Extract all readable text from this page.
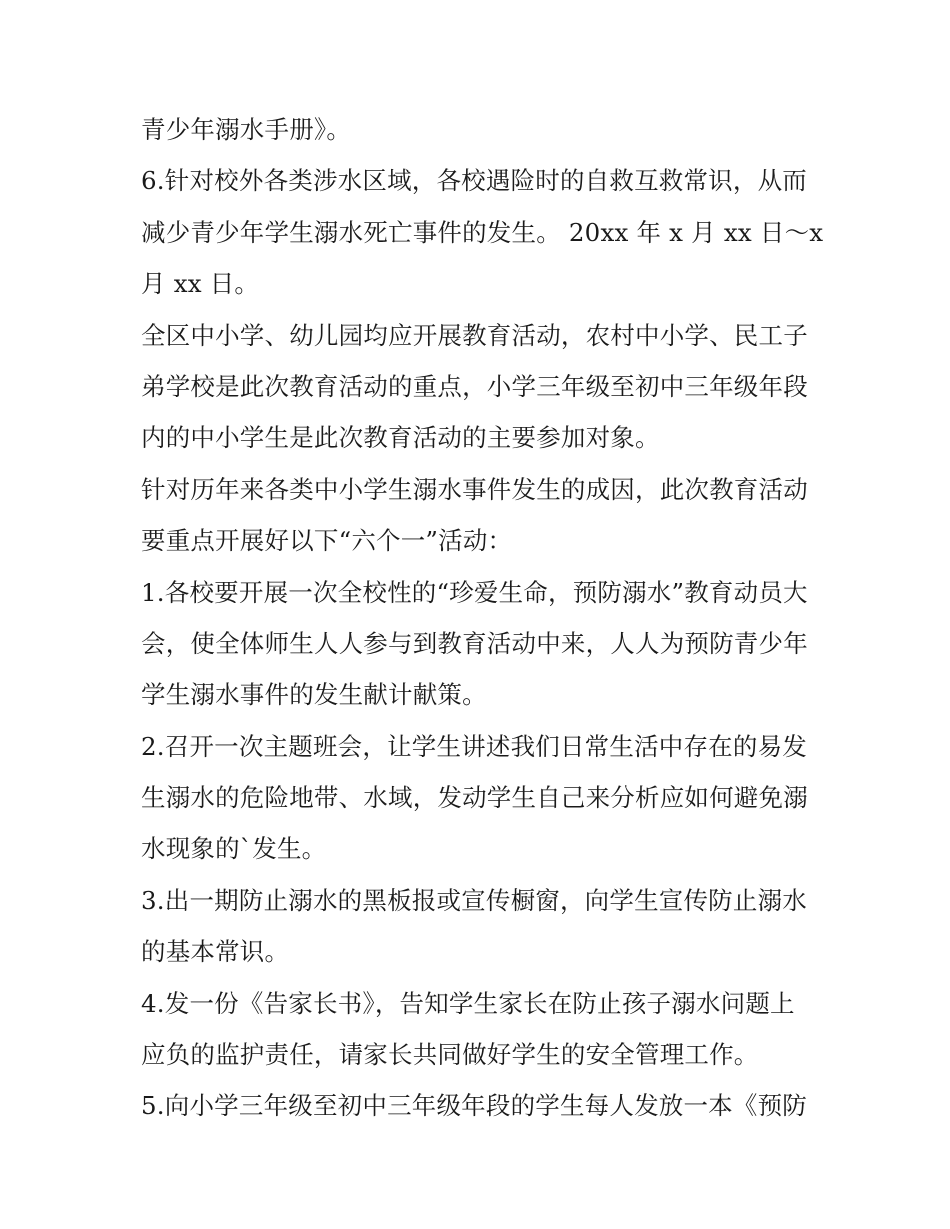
青少年溺水手册》。
6.针对校外各类涉水区域，各校遇险时的自救互救常识，从而
减少青少年学生溺水死亡事件的发生。 20xx 年 x 月 xx 日～x
月 xx 日。
全区中小学、幼儿园均应开展教育活动，农村中小学、民工子
弟学校是此次教育活动的重点，小学三年级至初中三年级年段
内的中小学生是此次教育活动的主要参加对象。
针对历年来各类中小学生溺水事件发生的成因，此次教育活动
要重点开展好以下“六个一”活动：
1.各校要开展一次全校性的“珍爱生命，预防溺水”教育动员大
会，使全体师生人人参与到教育活动中来，人人为预防青少年
学生溺水事件的发生献计献策。
2.召开一次主题班会，让学生讲述我们日常生活中存在的易发
生溺水的危险地带、水域，发动学生自己来分析应如何避免溺
水现象的`发生。
3.出一期防止溺水的黑板报或宣传橱窗，向学生宣传防止溺水
的基本常识。
4.发一份《告家长书》，告知学生家长在防止孩子溺水问题上
应负的监护责任，请家长共同做好学生的安全管理工作。
5.向小学三年级至初中三年级年段的学生每人发放一本《预防
